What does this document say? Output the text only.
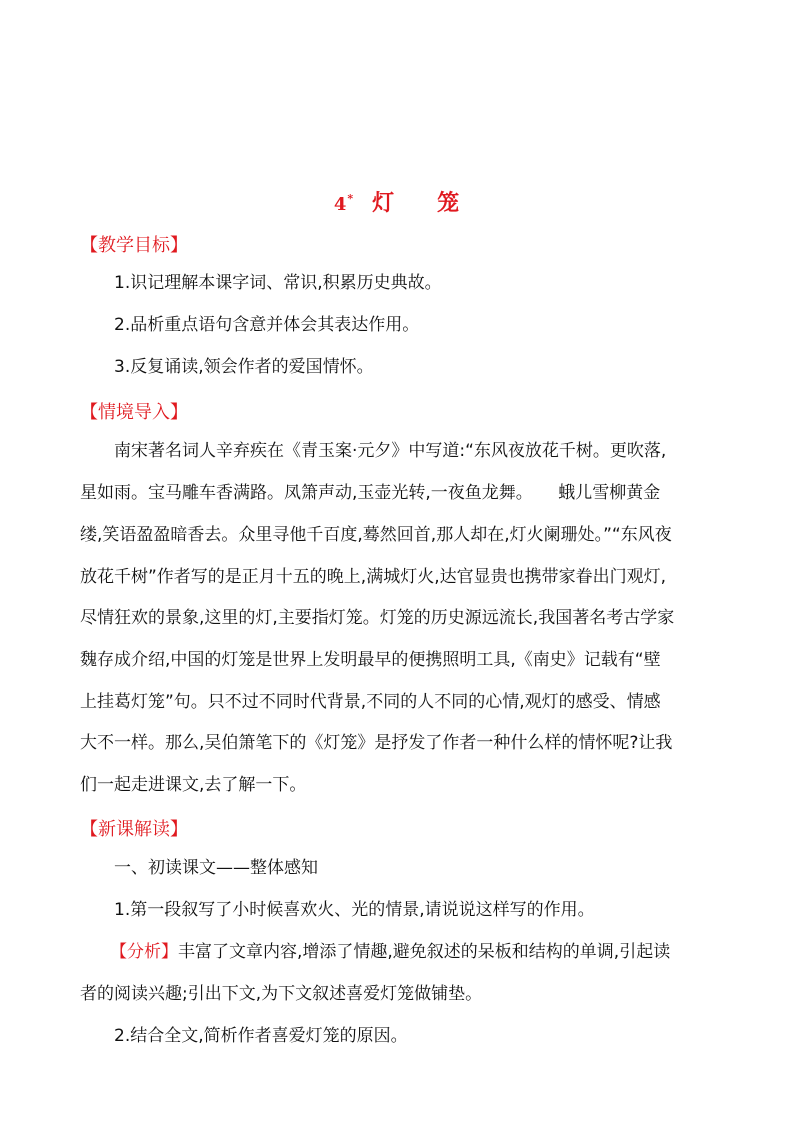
4* 灯 笼
【教学目标】
1.识记理解本课字词、常识,积累历史典故。
2.品析重点语句含意并体会其表达作用。
3.反复诵读,领会作者的爱国情怀。
【情境导入】
南宋著名词人辛弃疾在《青玉案·元夕》中写道:“东风夜放花千树。更吹落,
星如雨。宝马雕车香满路。凤箫声动,玉壶光转,一夜鱼龙舞。　　蛾儿雪柳黄金
缕,笑语盈盈暗香去。众里寻他千百度,蓦然回首,那人却在,灯火阑珊处。”“东风夜
放花千树”作者写的是正月十五的晚上,满城灯火,达官显贵也携带家眷出门观灯,
尽情狂欢的景象,这里的灯,主要指灯笼。灯笼的历史源远流长,我国著名考古学家
魏存成介绍,中国的灯笼是世界上发明最早的便携照明工具,《南史》记载有“壁
上挂葛灯笼”句。只不过不同时代背景,不同的人不同的心情,观灯的感受、情感
大不一样。那么,吴伯箫笔下的《灯笼》是抒发了作者一种什么样的情怀呢?让我
们一起走进课文,去了解一下。
【新课解读】
一、初读课文——整体感知
1.第一段叙写了小时候喜欢火、光的情景,请说说这样写的作用。
【分析】丰富了文章内容,增添了情趣,避免叙述的呆板和结构的单调,引起读
者的阅读兴趣;引出下文,为下文叙述喜爱灯笼做铺垫。
2.结合全文,简析作者喜爱灯笼的原因。
